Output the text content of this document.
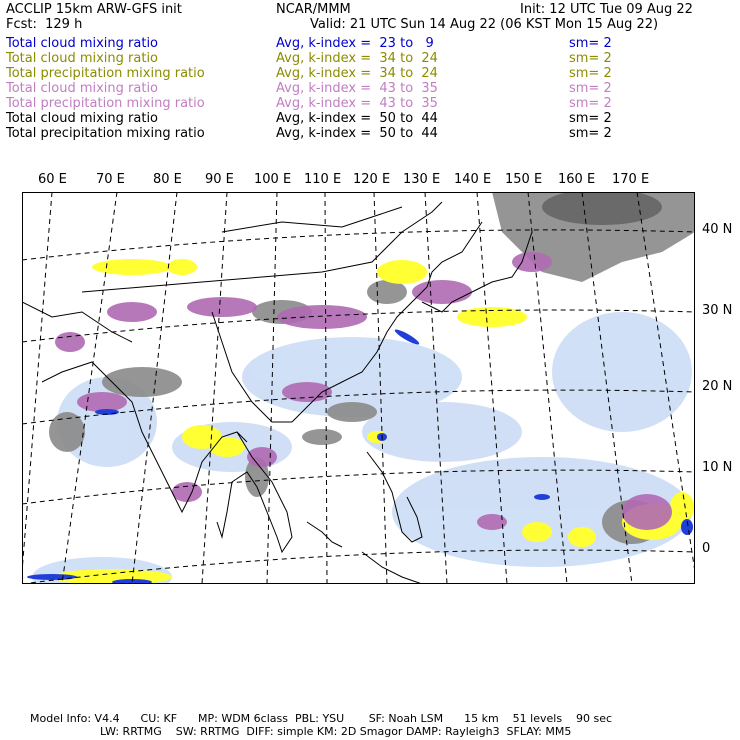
ACCLIP 15km ARW-GFS init	NCAR/MMM	Init: 12 UTC Tue 09 Aug 22
Fcst:  129 h	Valid: 21 UTC Sun 14 Aug 22 (06 KST Mon 15 Aug 22)
Total cloud mixing ratio	Avg, k-index =  23 to   9	sm= 2
Total cloud mixing ratio	Avg, k-index =  34 to  24	sm= 2
Total precipitation mixing ratio	Avg, k-index =  34 to  24	sm= 2
Total cloud mixing ratio	Avg, k-index =  43 to  35	sm= 2
Total precipitation mixing ratio	Avg, k-index =  43 to  35	sm= 2
Total cloud mixing ratio	Avg, k-index =  50 to  44	sm= 2
Total precipitation mixing ratio	Avg, k-index =  50 to  44	sm= 2
60 E 70 E 80 E 90 E 100 E 110 E 120 E 130 E 140 E 150 E 160 E 170 E
40 N
30 N
20 N
10 N
0
Model Info: V4.4      CU: KF      MP: WDM 6class  PBL: YSU       SF: Noah LSM      15 km    51 levels    90 sec
LW: RRTMG    SW: RRTMG  DIFF: simple KM: 2D Smagor DAMP: Rayleigh3  SFLAY: MM5
